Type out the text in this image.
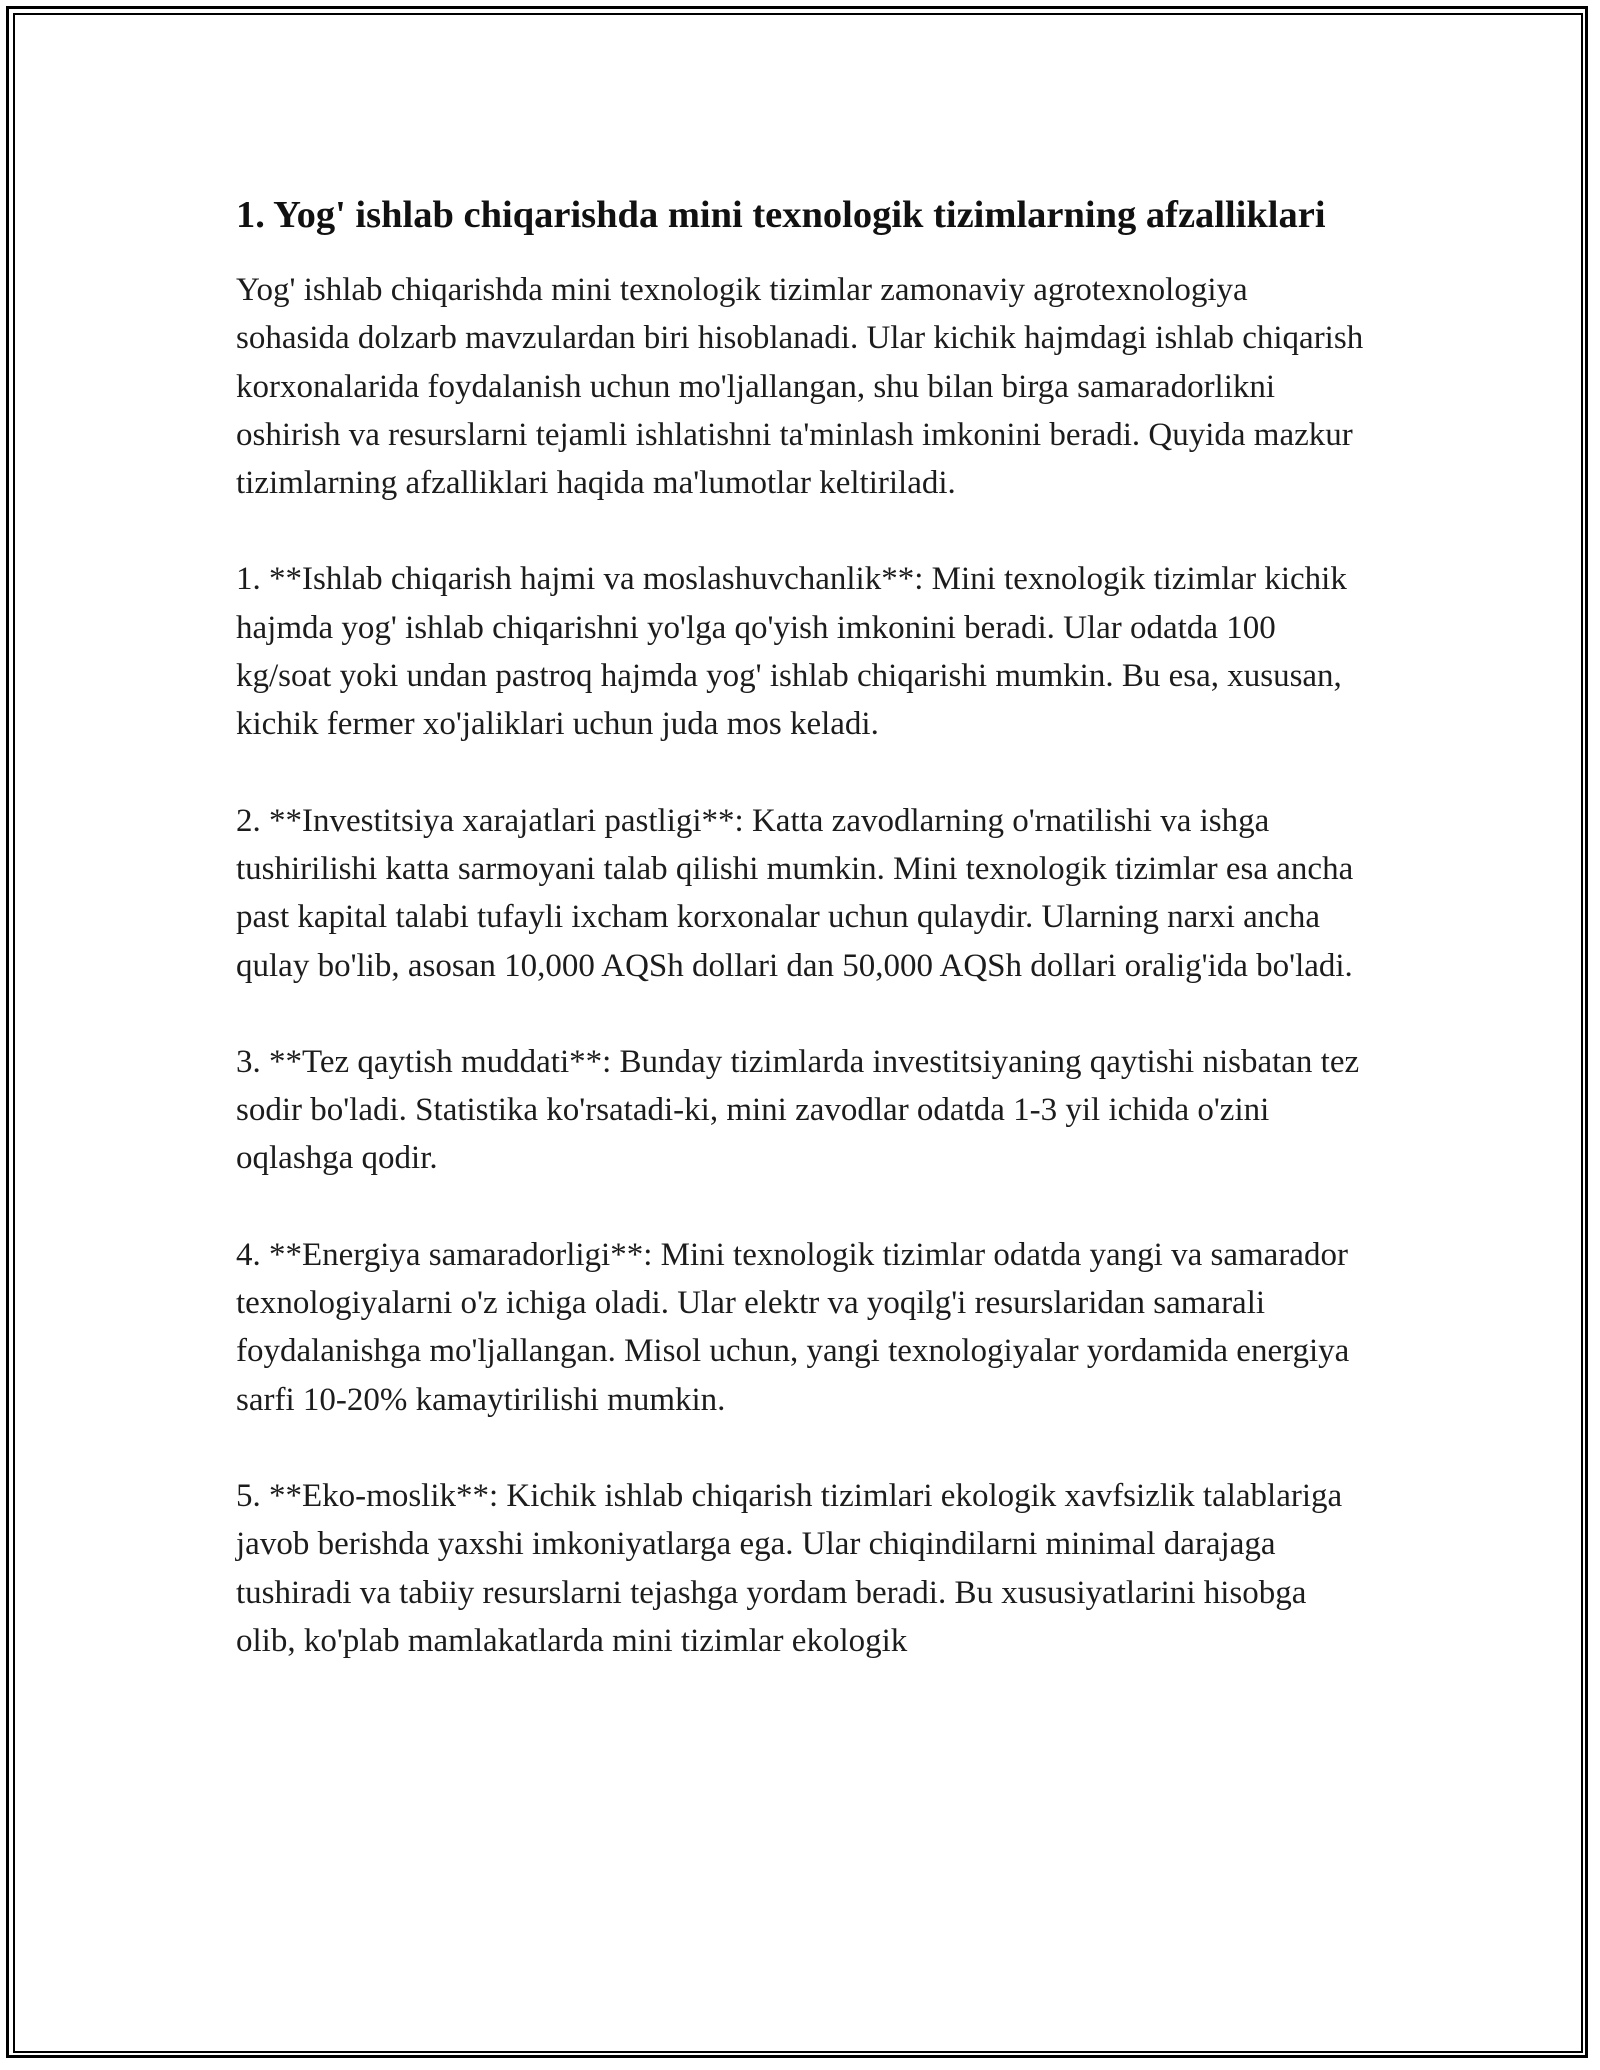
1. Yog' ishlab chiqarishda mini texnologik tizimlarning afzalliklari

Yog' ishlab chiqarishda mini texnologik tizimlar zamonaviy agrotexnologiya sohasida dolzarb mavzulardan biri hisoblanadi. Ular kichik hajmdagi ishlab chiqarish korxonalarida foydalanish uchun mo'ljallangan, shu bilan birga samaradorlikni oshirish va resurslarni tejamli ishlatishni ta'minlash imkonini beradi. Quyida mazkur tizimlarning afzalliklari haqida ma'lumotlar keltiriladi.

1. **Ishlab chiqarish hajmi va moslashuvchanlik**: Mini texnologik tizimlar kichik hajmda yog' ishlab chiqarishni yo'lga qo'yish imkonini beradi. Ular odatda 100 kg/soat yoki undan pastroq hajmda yog' ishlab chiqarishi mumkin. Bu esa, xususan, kichik fermer xo'jaliklari uchun juda mos keladi.

2. **Investitsiya xarajatlari pastligi**: Katta zavodlarning o'rnatilishi va ishga tushirilishi katta sarmoyani talab qilishi mumkin. Mini texnologik tizimlar esa ancha past kapital talabi tufayli ixcham korxonalar uchun qulaydir. Ularning narxi ancha qulay bo'lib, asosan 10,000 AQSh dollari dan 50,000 AQSh dollari oralig'ida bo'ladi.

3. **Tez qaytish muddati**: Bunday tizimlarda investitsiyaning qaytishi nisbatan tez sodir bo'ladi. Statistika ko'rsatadi-ki, mini zavodlar odatda 1-3 yil ichida o'zini oqlashga qodir.

4. **Energiya samaradorligi**: Mini texnologik tizimlar odatda yangi va samarador texnologiyalarni o'z ichiga oladi. Ular elektr va yoqilg'i resurslaridan samarali foydalanishga mo'ljallangan. Misol uchun, yangi texnologiyalar yordamida energiya sarfi 10-20% kamaytirilishi mumkin.

5. **Eko-moslik**: Kichik ishlab chiqarish tizimlari ekologik xavfsizlik talablariga javob berishda yaxshi imkoniyatlarga ega. Ular chiqindilarni minimal darajaga tushiradi va tabiiy resurslarni tejashga yordam beradi. Bu xususiyatlarini hisobga olib, ko'plab mamlakatlarda mini tizimlar ekologik
